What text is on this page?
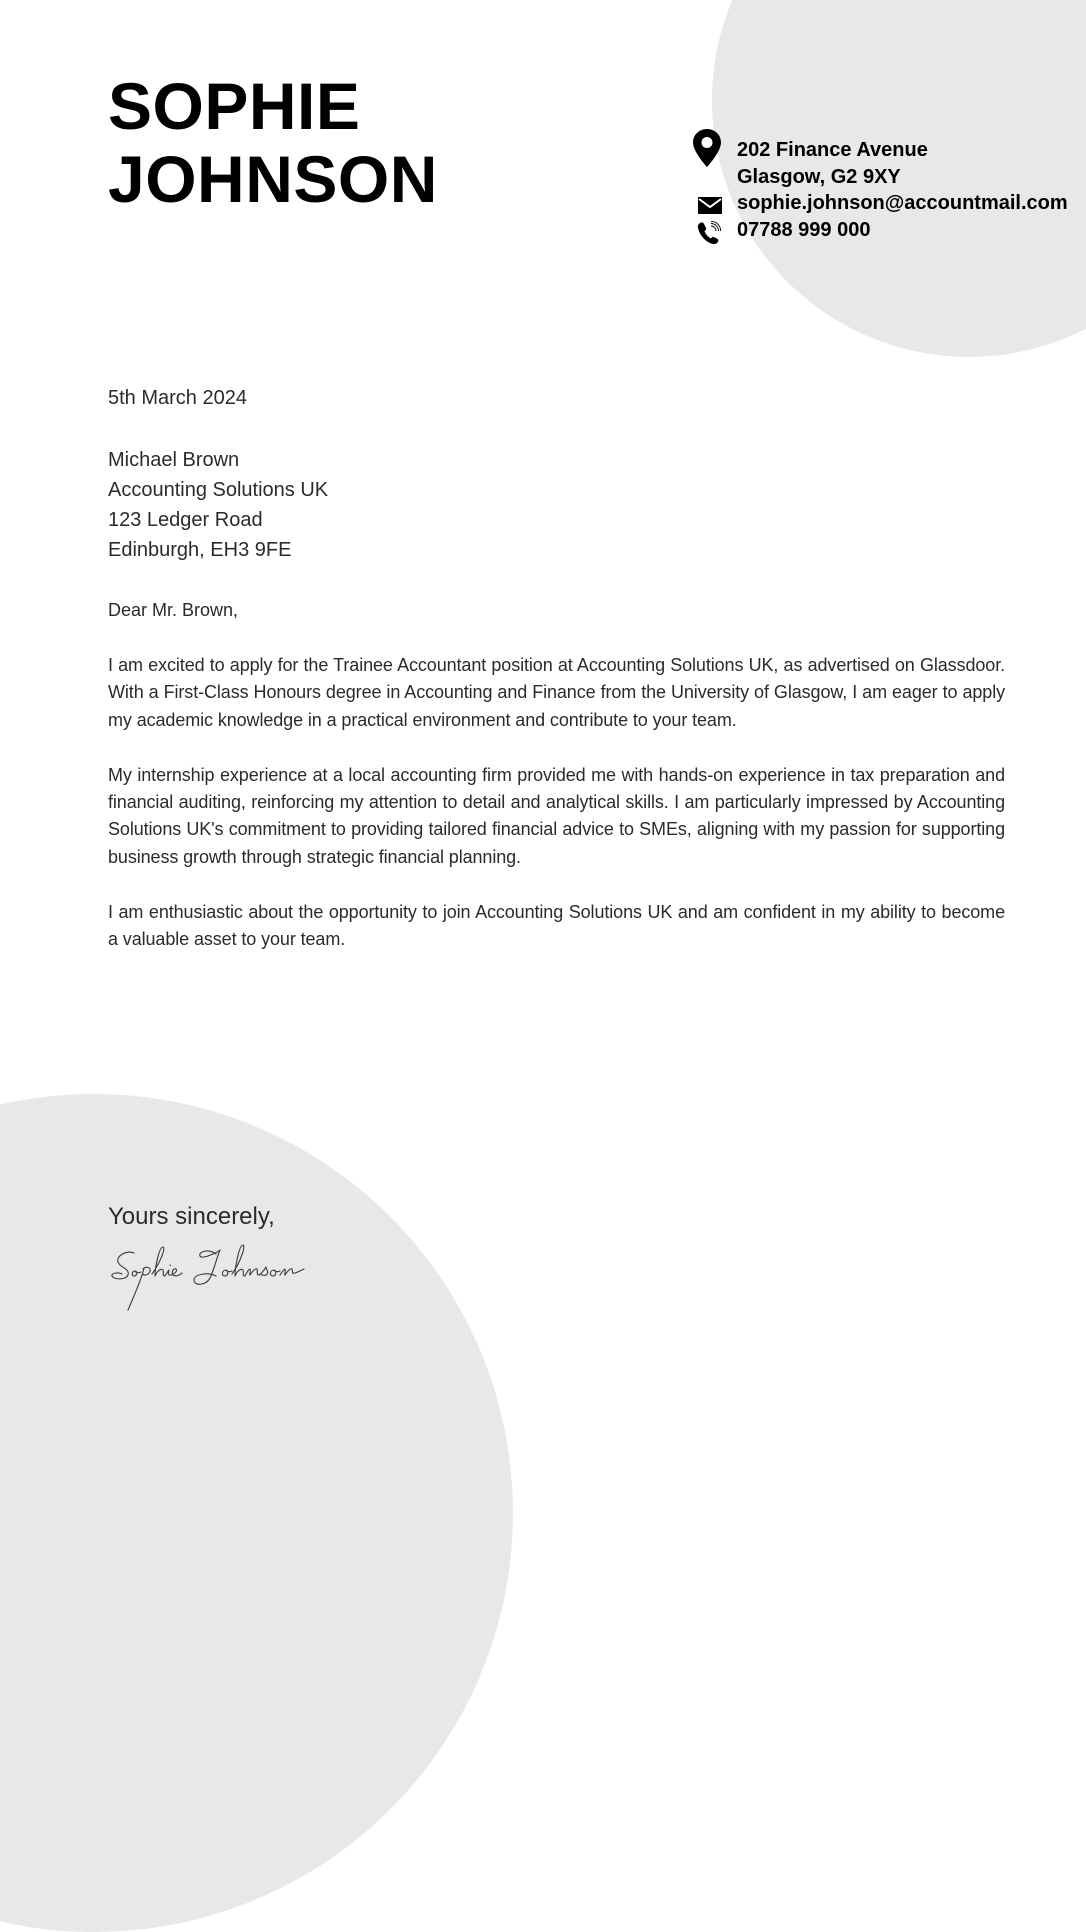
SOPHIE
JOHNSON	202 Finance Avenue
Glasgow, G2 9XY
sophie.johnson@accountmail.com
07788 999 000
5th March 2024
Michael Brown
Accounting Solutions UK
123 Ledger Road
Edinburgh, EH3 9FE
Dear Mr. Brown,

I am excited to apply for the Trainee Accountant position at Accounting Solutions UK, as advertised on Glassdoor. With a First-Class Honours degree in Accounting and Finance from the University of Glasgow, I am eager to apply my academic knowledge in a practical environment and contribute to your team.

My internship experience at a local accounting firm provided me with hands-on experience in tax preparation and financial auditing, reinforcing my attention to detail and analytical skills. I am particularly impressed by Accounting Solutions UK's commitment to providing tailored financial advice to SMEs, aligning with my passion for supporting business growth through strategic financial planning.

I am enthusiastic about the opportunity to join Accounting Solutions UK and am confident in my ability to become a valuable asset to your team.

Yours sincerely,
